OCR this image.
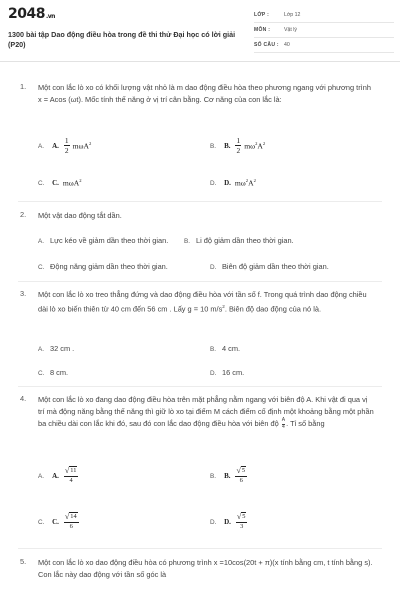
2048.vn
1300 bài tập Dao động điều hòa trong đề thi thử Đại học có lời giải (P20)
LỚP :	Lớp 12
MÔN :	Vật lý
SỐ CÂU : 40
1. Một con lắc lò xo có khối lượng vật nhỏ là m dao động điều hòa theo phương ngang với phương trình x = Acos (ωt). Mốc tính thế năng ở vị trí cân bằng. Cơ năng của con lắc là:
A. A. $\frac{1}{2} m\omega A^2$	B. B. $\frac{1}{2} m\omega^2A^2$
C. C. mωA$^2$	D. D. $m\omega^2A^2$
2. Một vật dao động tắt dần.
A. Lực kéo về giảm dần theo thời gian. B. Li độ giảm dần theo thời gian.
C. Động năng giảm dần theo thời gian.	D. Biên độ giảm dần theo thời gian.
3. Một con lắc lò xo treo thẳng đứng và dao động điều hòa với tần số f. Trong quá trình dao động chiều dài lò xo biến thiên từ 40 cm đến 56 cm . Lấy g = 10 $m/s^2$. Biên độ dao động của nó là.
A. 32 cm .	B. 4 cm.
C. 8 cm.	D. 16 cm.
4. Một con lắc lò xo đang dao động điều hòa trên mặt phẳng nằm ngang với biên độ A. Khi vật đi qua vị trí mà động năng bằng thế năng thì giữ lò xo tại điểm M cách điểm cố định một khoảng bằng một phần ba chiều dài con lắc khi đó, sau đó con lắc dao động điều hòa với biên độ $\frac{A}{4}$ . Tỉ số bằng
A. A. $\frac{√ 11}{4}$	B. B. $\frac{√ 5}{6}$
C. C. $\frac{√ 14}{6}$	D. D. $\frac{√ 5}{3}$
5. Một con lắc lò xo dao động điều hòa có phương trình x =10cos(20t + π)(x tính bằng cm, t tính bằng s). Con lắc này dao động với tần số góc là
